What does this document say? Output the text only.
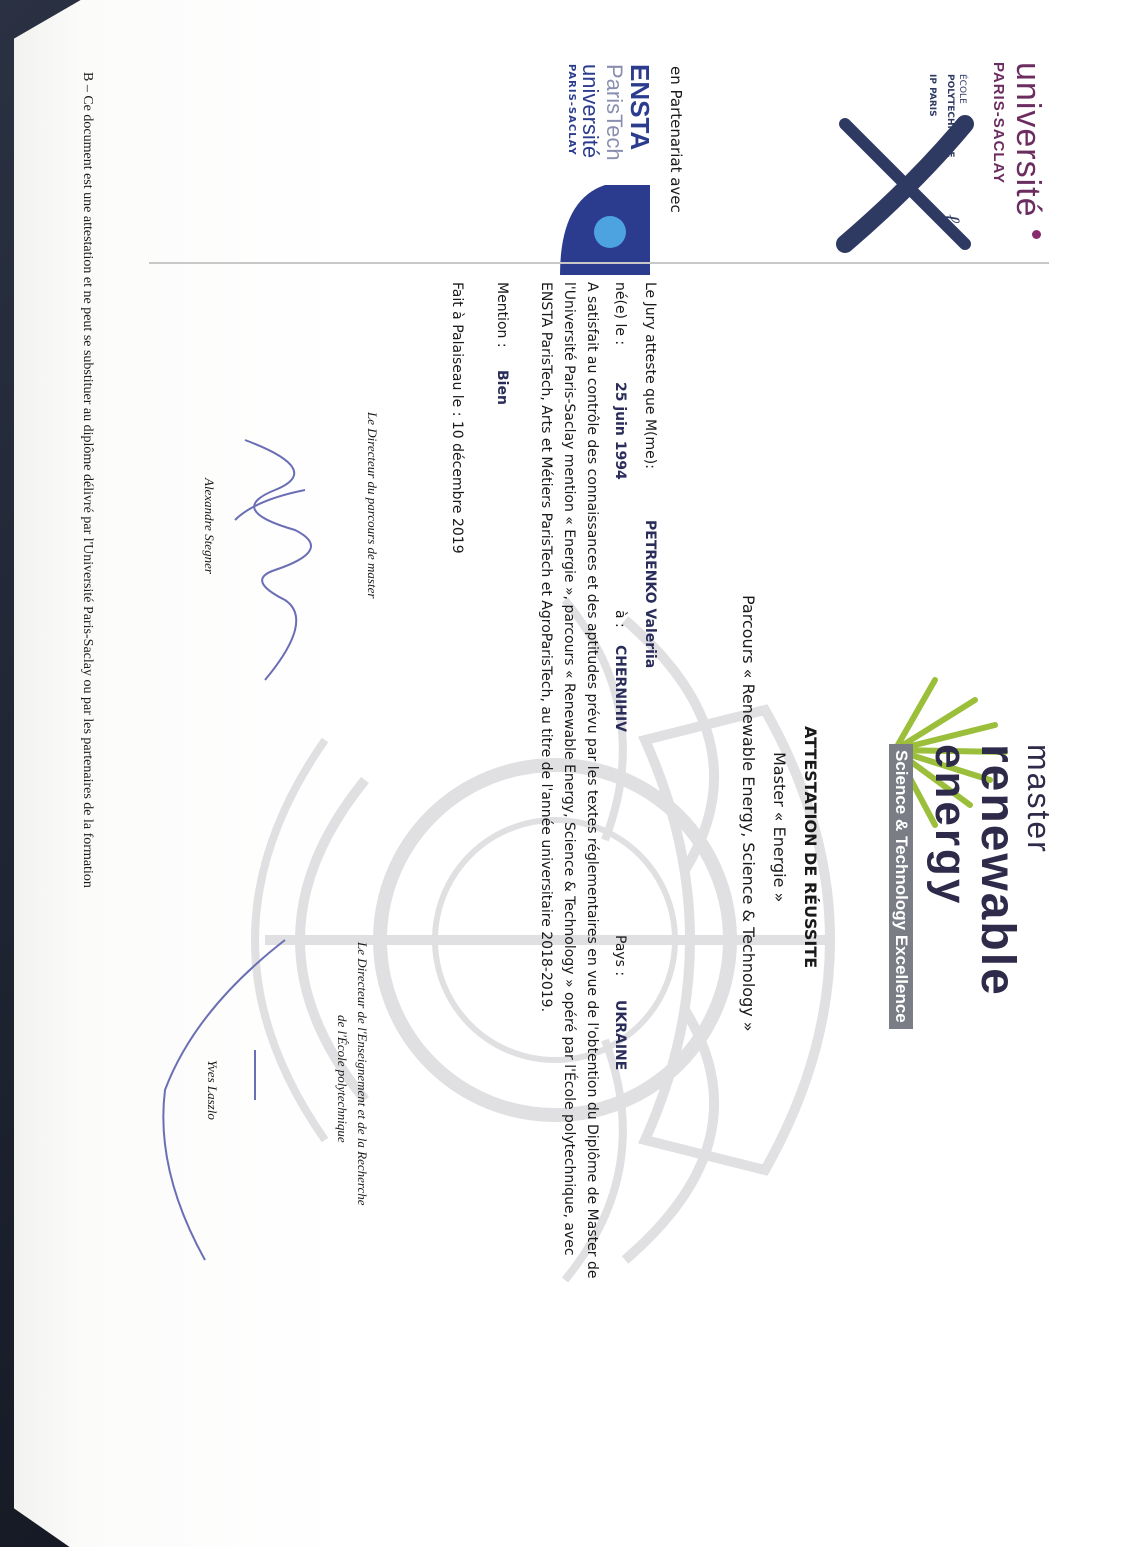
université
PARIS-SACLAY
ℓ
ÉCOLE
POLYTECHNIQUE
IP PARIS
en Partenariat avec
ENSTA
ParisTech
université
PARIS-SACLAY
master
renewable
energy
Science & Technology Excellence
ATTESTATION DE RÉUSSITE
Master « Energie »
Parcours « Renewable Energy, Science & Technology »
Le Jury atteste que M(me):
PETRENKO Valeriia
né(e) le :
25 juin 1994
à :
CHERNIHIV
Pays :
UKRAINE
A satisfait au contrôle des connaissances et des aptitudes prévu par les textes réglementaires en vue de l'obtention du Diplôme de Master de
l'Université Paris-Saclay mention « Energie », parcours « Renewable Energy, Science & Technology » opéré par l'École polytechnique, avec
ENSTA ParisTech, Arts et Métiers ParisTech et AgroParisTech, au titre de l'année universitaire 2018-2019.
Mention :
Bien
Fait à Palaiseau le : 10 décembre 2019
Le Directeur du parcours de master
Alexandre Stegner
Le Directeur de l'Enseignement et de la Recherche
de l'École polytechnique
Yves Laszlo
B – Ce document est une attestation et ne peut se substituer au diplôme délivré par l'Université Paris-Saclay ou par les partenaires de la formation
